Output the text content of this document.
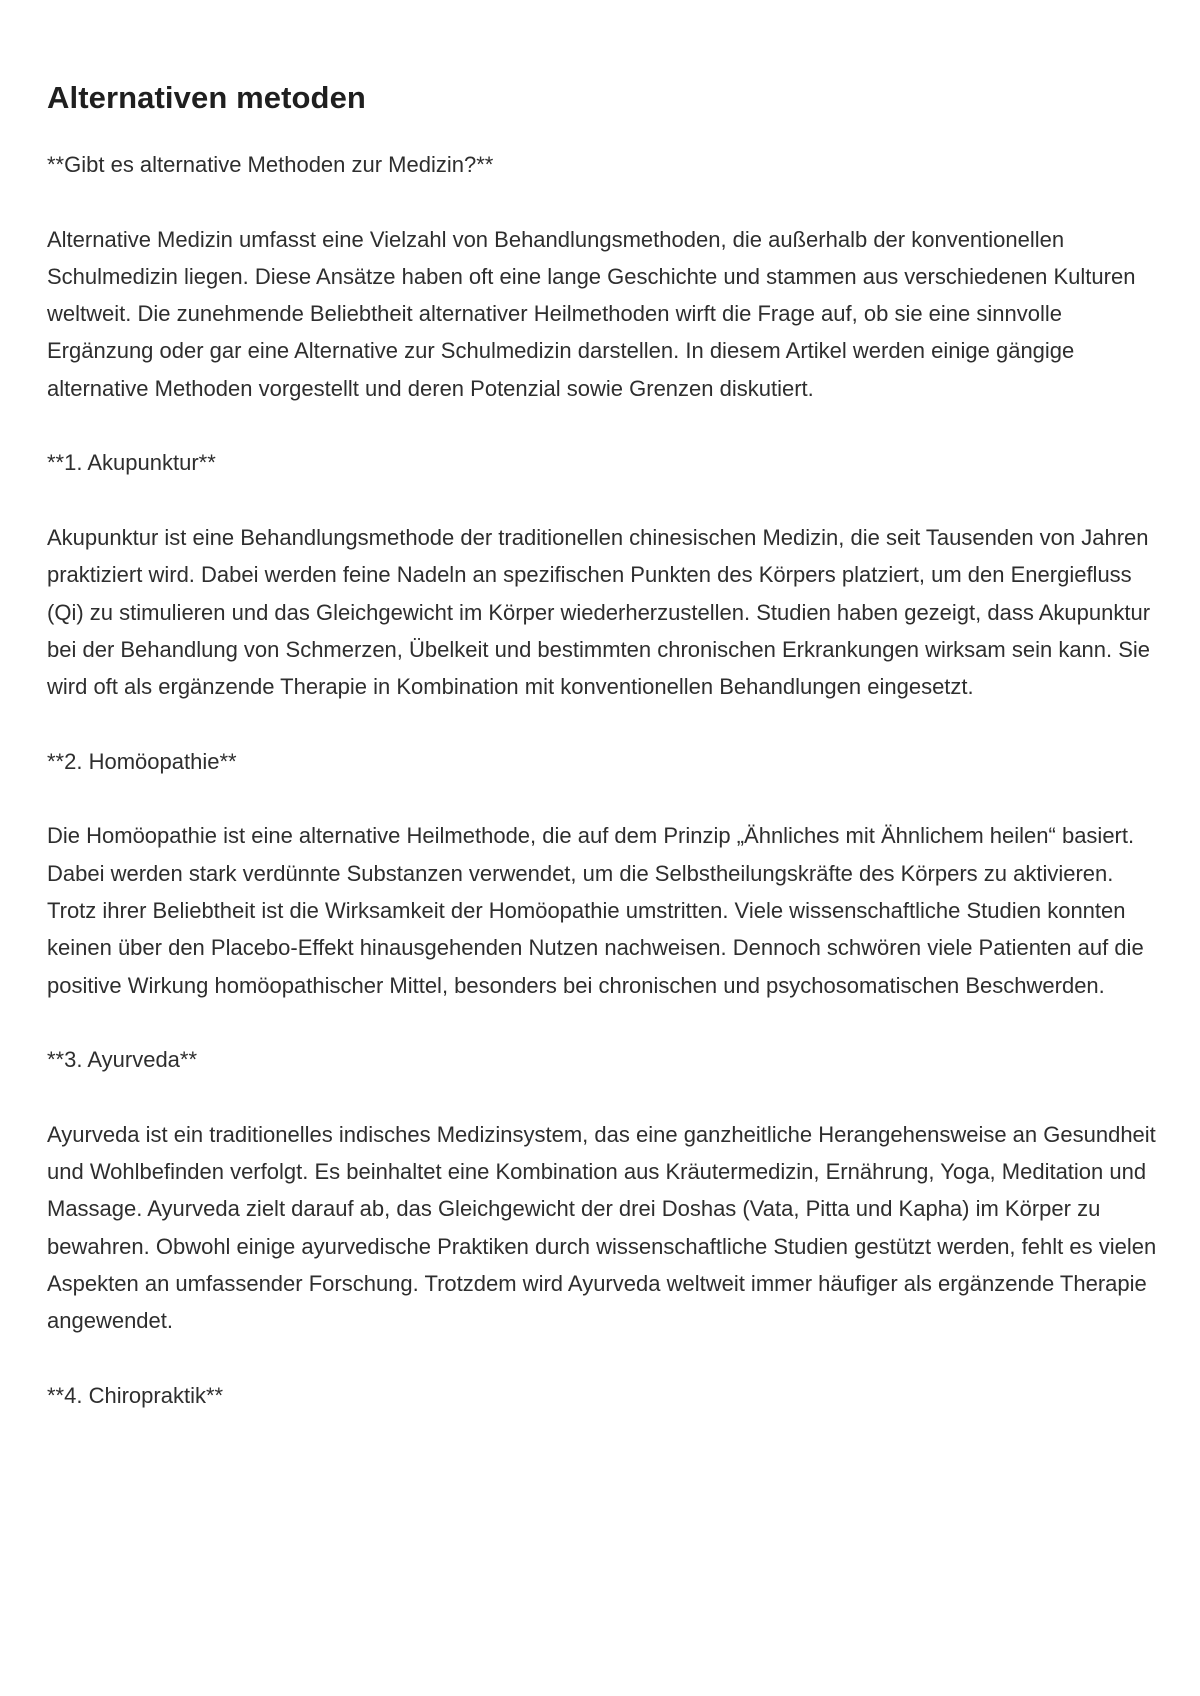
Alternativen metoden

**Gibt es alternative Methoden zur Medizin?**

Alternative Medizin umfasst eine Vielzahl von Behandlungsmethoden, die außerhalb der konventionellen Schulmedizin liegen. Diese Ansätze haben oft eine lange Geschichte und stammen aus verschiedenen Kulturen weltweit. Die zunehmende Beliebtheit alternativer Heilmethoden wirft die Frage auf, ob sie eine sinnvolle Ergänzung oder gar eine Alternative zur Schulmedizin darstellen. In diesem Artikel werden einige gängige alternative Methoden vorgestellt und deren Potenzial sowie Grenzen diskutiert.

**1. Akupunktur**

Akupunktur ist eine Behandlungsmethode der traditionellen chinesischen Medizin, die seit Tausenden von Jahren praktiziert wird. Dabei werden feine Nadeln an spezifischen Punkten des Körpers platziert, um den Energiefluss (Qi) zu stimulieren und das Gleichgewicht im Körper wiederherzustellen. Studien haben gezeigt, dass Akupunktur bei der Behandlung von Schmerzen, Übelkeit und bestimmten chronischen Erkrankungen wirksam sein kann. Sie wird oft als ergänzende Therapie in Kombination mit konventionellen Behandlungen eingesetzt.

**2. Homöopathie**

Die Homöopathie ist eine alternative Heilmethode, die auf dem Prinzip „Ähnliches mit Ähnlichem heilen“ basiert. Dabei werden stark verdünnte Substanzen verwendet, um die Selbstheilungskräfte des Körpers zu aktivieren. Trotz ihrer Beliebtheit ist die Wirksamkeit der Homöopathie umstritten. Viele wissenschaftliche Studien konnten keinen über den Placebo-Effekt hinausgehenden Nutzen nachweisen. Dennoch schwören viele Patienten auf die positive Wirkung homöopathischer Mittel, besonders bei chronischen und psychosomatischen Beschwerden.

**3. Ayurveda**

Ayurveda ist ein traditionelles indisches Medizinsystem, das eine ganzheitliche Herangehensweise an Gesundheit und Wohlbefinden verfolgt. Es beinhaltet eine Kombination aus Kräutermedizin, Ernährung, Yoga, Meditation und Massage. Ayurveda zielt darauf ab, das Gleichgewicht der drei Doshas (Vata, Pitta und Kapha) im Körper zu bewahren. Obwohl einige ayurvedische Praktiken durch wissenschaftliche Studien gestützt werden, fehlt es vielen Aspekten an umfassender Forschung. Trotzdem wird Ayurveda weltweit immer häufiger als ergänzende Therapie angewendet.

**4. Chiropraktik**
